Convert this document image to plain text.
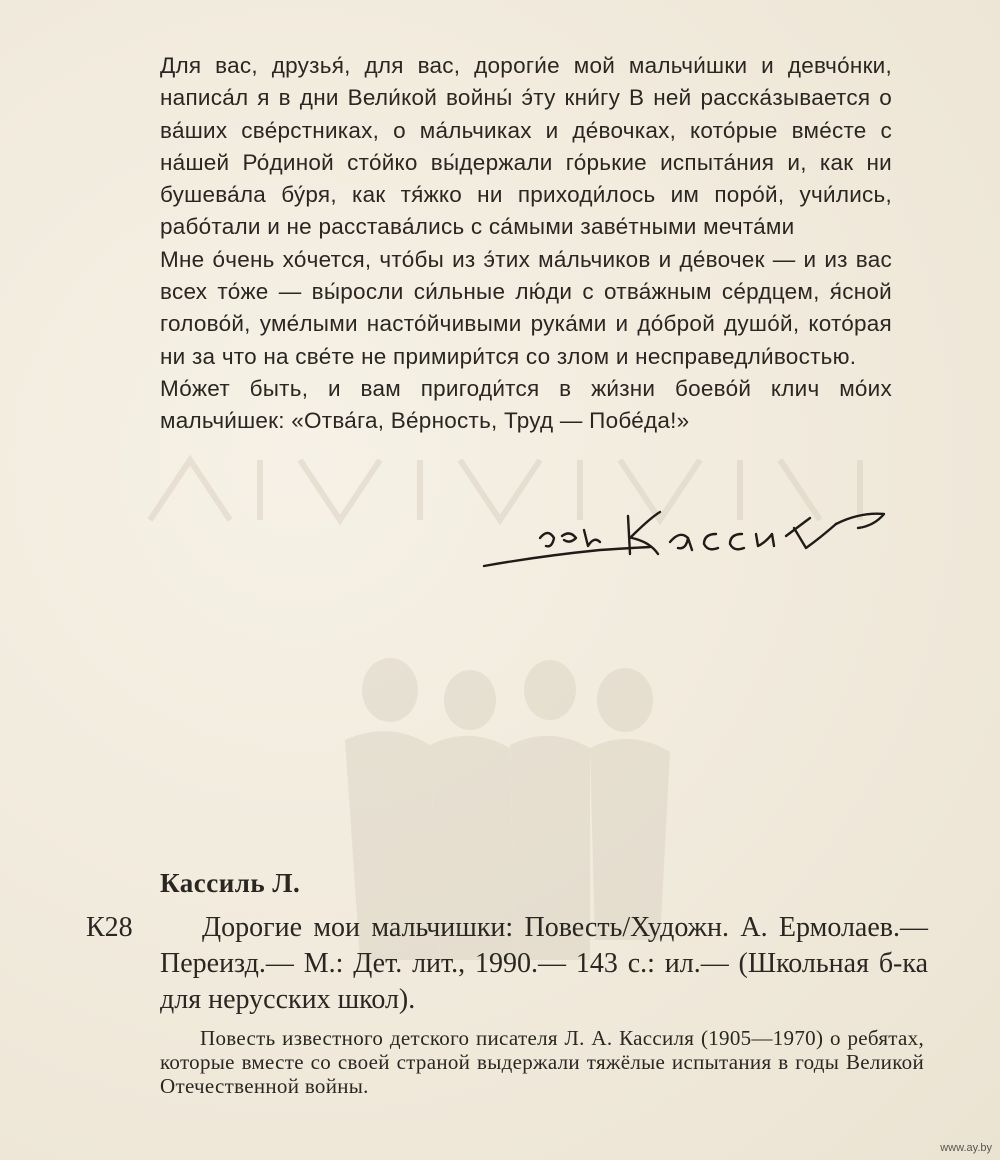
Для вас, друзья́, для вас, дороги́е мой мальчи́шки и девчо́нки, написа́л я в дни Вели́кой войны́ э́ту кни́гу В ней расска́зывается о ва́ших све́рстниках, о ма́льчиках и де́вочках, кото́рые вме́сте с на́шей Ро́диной сто́йко вы́держали го́рькие испыта́ния и, как ни бушева́ла бу́ря, как тя́жко ни приходи́лось им поро́й, учи́лись, рабо́тали и не расстава́лись с са́мыми заве́тными мечта́ми

Мне о́чень хо́чется, что́бы из э́тих ма́льчиков и де́вочек — и из вас всех то́же — вы́росли си́льные лю́ди с отва́жным се́рдцем, я́сной голово́й, уме́лыми насто́йчивыми рука́ми и до́брой душо́й, кото́рая ни за что на све́те не примири́тся со злом и несправедли́востью.

Мо́жет быть, и вам пригоди́тся в жи́зни боево́й клич мо́их мальчи́шек: «Отва́га, Ве́рность, Труд — Побе́да!»

Кассиль Л.
К28	Дорогие мои мальчишки: Повесть/Художн. А. Ермолаев.— Переизд.— М.: Дет. лит., 1990.— 143 с.: ил.— (Школьная б-ка для нерусских школ).

Повесть известного детского писателя Л. А. Кассиля (1905—1970) о ребятах, которые вместе со своей страной выдержали тяжёлые испытания в годы Великой Отечественной войны.

www.ay.by
